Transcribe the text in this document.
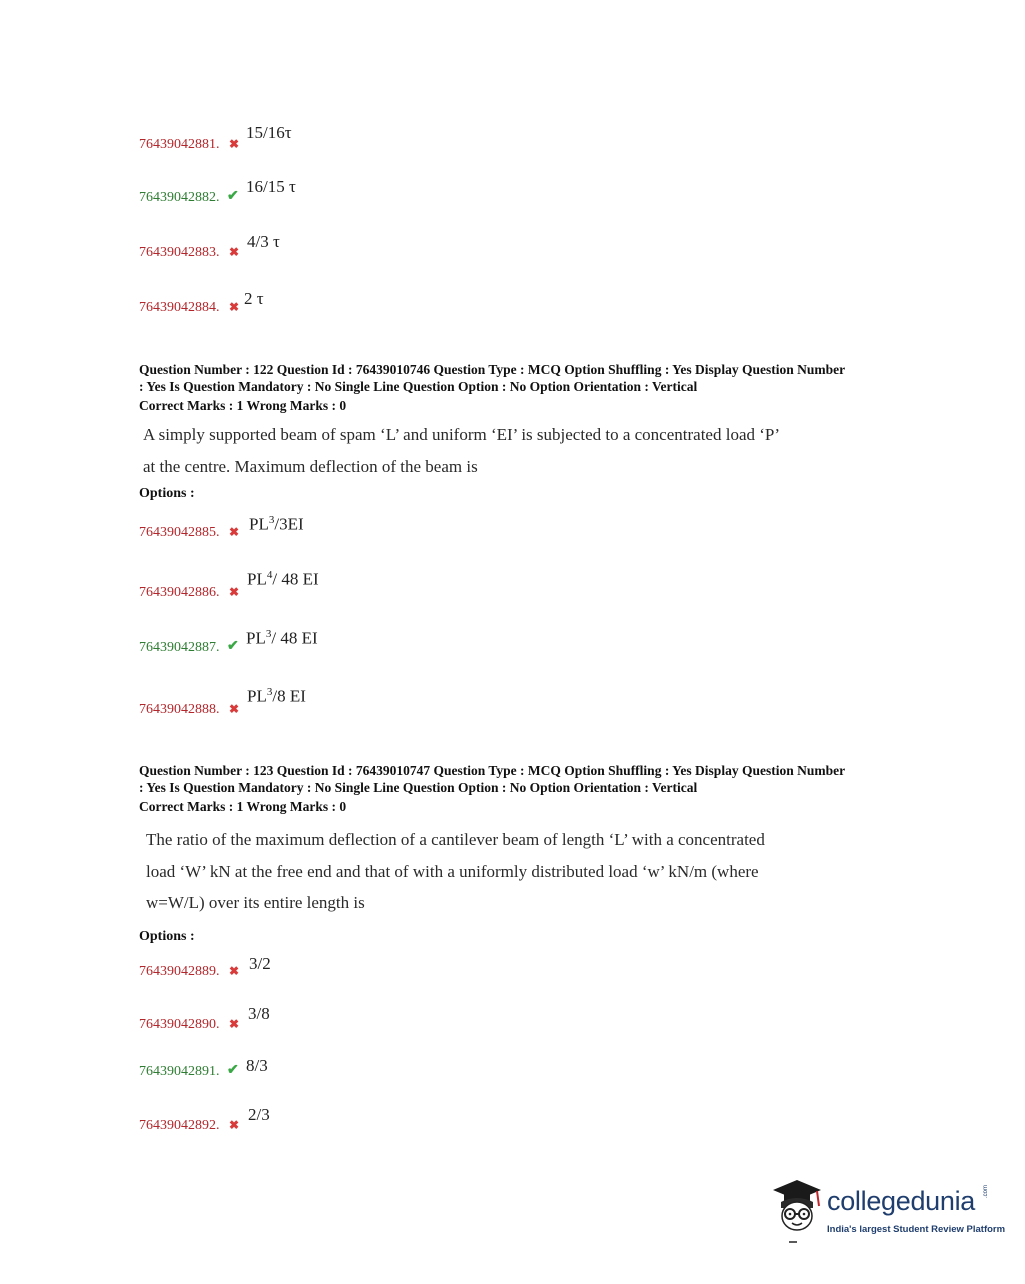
76439042881. ✖
15/16τ
76439042882. ✔
16/15 τ
76439042883. ✖
4/3 τ
76439042884. ✖ 2 τ
Question Number : 122 Question Id : 76439010746 Question Type : MCQ Option Shuffling : Yes Display Question Number
: Yes Is Question Mandatory : No Single Line Question Option : No Option Orientation : Vertical
Correct Marks : 1 Wrong Marks : 0
A simply supported beam of spam ‘L’ and uniform ‘EI’ is subjected to a concentrated load ‘P’
at the centre. Maximum deflection of the beam is
Options :
76439042885. ✖ $PL^3/3EI$
76439042886. ✖
$PL^4/$ 48 EI
76439042887. ✔ $PL^3/$ 48 EI
76439042888. ✖
$PL^3/8$ EI
Question Number : 123 Question Id : 76439010747 Question Type : MCQ Option Shuffling : Yes Display Question Number
: Yes Is Question Mandatory : No Single Line Question Option : No Option Orientation : Vertical
Correct Marks : 1 Wrong Marks : 0
The ratio of the maximum deflection of a cantilever beam of length ‘L’ with a concentrated
load ‘W’ kN at the free end and that of with a uniformly distributed load ‘w’ kN/m (where
w=W/L) over its entire length is
Options :
76439042889. ✖ 3/2
76439042890. ✖
3/8
76439042891. ✔ 8/3
76439042892. ✖
2/3
collegedunia
India's largest Student Review Platform
.com
